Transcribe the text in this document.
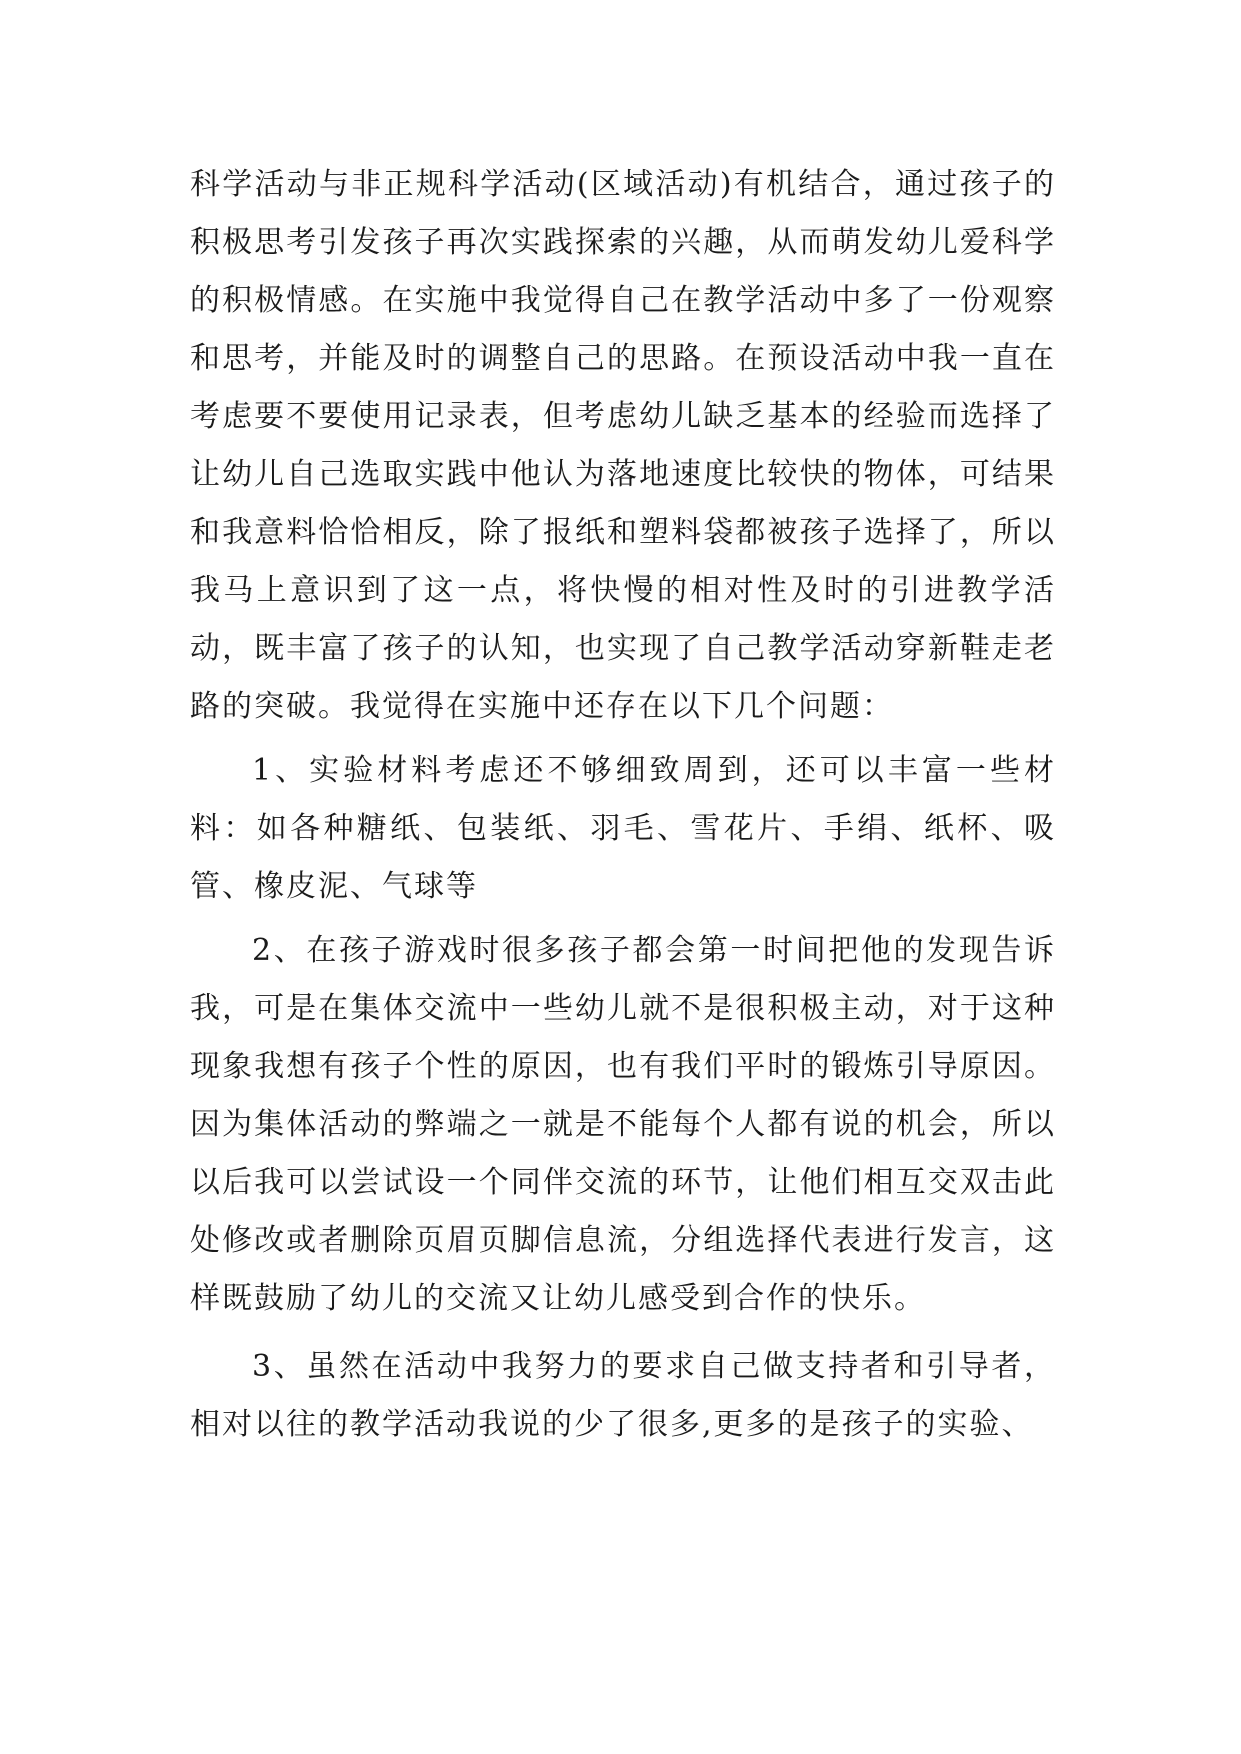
科学活动与非正规科学活动(区域活动)有机结合，通过孩子的积极思考引发孩子再次实践探索的兴趣，从而萌发幼儿爱科学的积极情感。在实施中我觉得自己在教学活动中多了一份观察和思考，并能及时的调整自己的思路。在预设活动中我一直在考虑要不要使用记录表，但考虑幼儿缺乏基本的经验而选择了让幼儿自己选取实践中他认为落地速度比较快的物体，可结果和我意料恰恰相反，除了报纸和塑料袋都被孩子选择了，所以我马上意识到了这一点，将快慢的相对性及时的引进教学活动，既丰富了孩子的认知，也实现了自己教学活动穿新鞋走老路的突破。我觉得在实施中还存在以下几个问题：

1、实验材料考虑还不够细致周到，还可以丰富一些材料：如各种糖纸、包装纸、羽毛、雪花片、手绢、纸杯、吸管、橡皮泥、气球等

2、在孩子游戏时很多孩子都会第一时间把他的发现告诉我，可是在集体交流中一些幼儿就不是很积极主动，对于这种现象我想有孩子个性的原因，也有我们平时的锻炼引导原因。因为集体活动的弊端之一就是不能每个人都有说的机会，所以以后我可以尝试设一个同伴交流的环节，让他们相互交双击此处修改或者删除页眉页脚信息流，分组选择代表进行发言，这样既鼓励了幼儿的交流又让幼儿感受到合作的快乐。

3、虽然在活动中我努力的要求自己做支持者和引导者，相对以往的教学活动我说的少了很多,更多的是孩子的实验、
